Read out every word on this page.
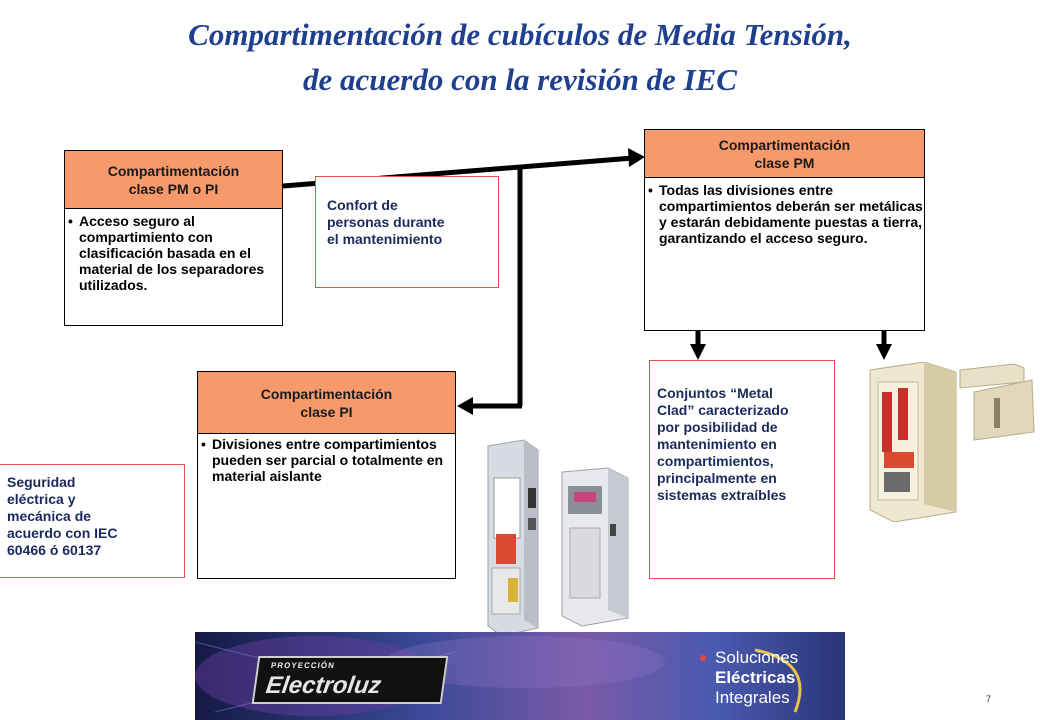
Compartimentación de cubículos de Media Tensión,
de acuerdo con la revisión de IEC
Compartimentación
clase PM o PI
• Acceso seguro al compartimiento con clasificación basada en el material de los separadores utilizados.
Compartimentación
clase PI
• Divisiones entre compartimientos pueden ser parcial o totalmente en material aislante
Compartimentación
clase PM
• Todas las divisiones entre compartimientos deberán ser metálicas y estarán debidamente puestas a tierra, garantizando el acceso seguro.
Confort de
personas durante
el mantenimiento
Seguridad
eléctrica y
mecánica de
acuerdo con IEC
60466 ó 60137
Conjuntos “Metal
Clad” caracterizado
por posibilidad de
mantenimiento en
compartimientos,
principalmente en
sistemas extraíbles
PROYECCIÓN
Electroluz
Soluciones
Eléctricas
Integrales	7
